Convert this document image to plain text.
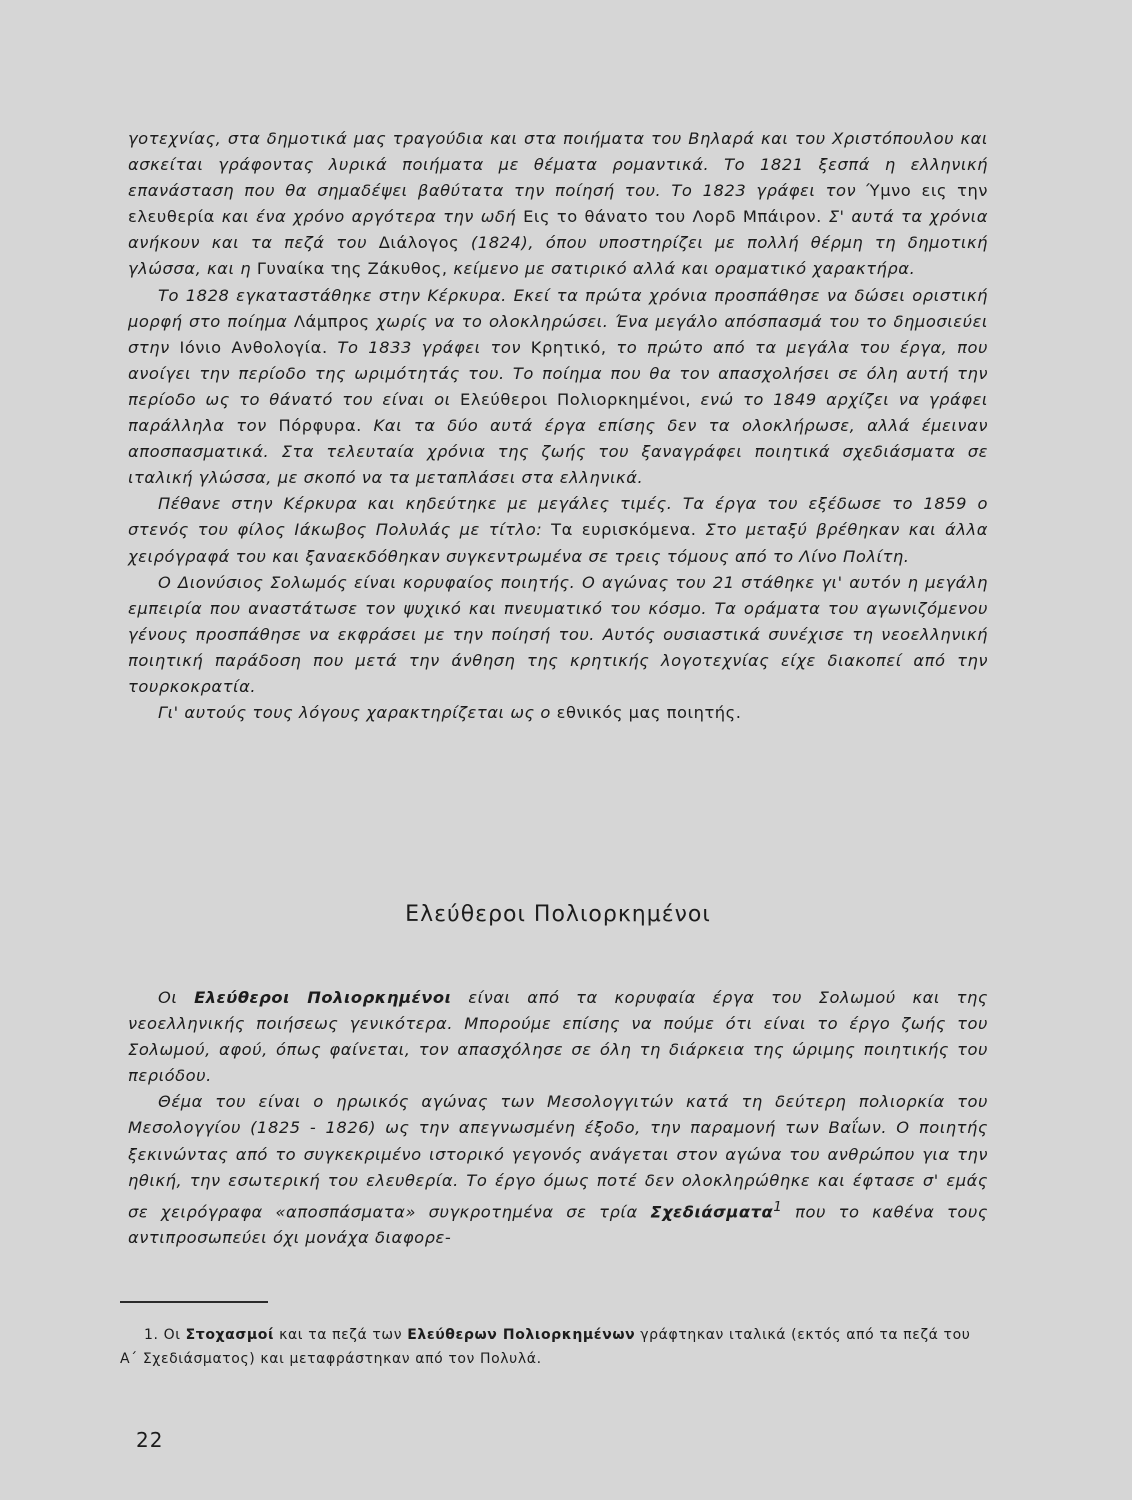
γοτεχνίας, στα δημοτικά μας τραγούδια και στα ποιήματα του Βηλαρά και του Χριστόπουλου και ασκείται γράφοντας λυρικά ποιήματα με θέματα ρομαντικά. Το 1821 ξεσπά η ελληνική επανάσταση που θα σημαδέψει βαθύτατα την ποίησή του. Το 1823 γράφει τον Ύμνο εις την ελευθερία και ένα χρόνο αργότερα την ωδή Εις το θάνατο του Λορδ Μπάιρον. Σ' αυτά τα χρόνια ανήκουν και τα πεζά του Διάλογος (1824), όπου υποστηρίζει με πολλή θέρμη τη δημοτική γλώσσα, και η Γυναίκα της Ζάκυθος, κείμενο με σατιρικό αλλά και οραματικό χαρακτήρα.

Το 1828 εγκαταστάθηκε στην Κέρκυρα. Εκεί τα πρώτα χρόνια προσπάθησε να δώσει οριστική μορφή στο ποίημα Λάμπρος χωρίς να το ολοκληρώσει. Ένα μεγάλο απόσπασμά του το δημοσιεύει στην Ιόνιο Ανθολογία. Το 1833 γράφει τον Κρητικό, το πρώτο από τα μεγάλα του έργα, που ανοίγει την περίοδο της ωριμότητάς του. Το ποίημα που θα τον απασχολήσει σε όλη αυτή την περίοδο ως το θάνατό του είναι οι Ελεύθεροι Πολιορκημένοι, ενώ το 1849 αρχίζει να γράφει παράλληλα τον Πόρφυρα. Και τα δύο αυτά έργα επίσης δεν τα ολοκλήρωσε, αλλά έμειναν αποσπασματικά. Στα τελευταία χρόνια της ζωής του ξαναγράφει ποιητικά σχεδιάσματα σε ιταλική γλώσσα, με σκοπό να τα μεταπλάσει στα ελληνικά.

Πέθανε στην Κέρκυρα και κηδεύτηκε με μεγάλες τιμές. Τα έργα του εξέδωσε το 1859 ο στενός του φίλος Ιάκωβος Πολυλάς με τίτλο: Τα ευρισκόμενα. Στο μεταξύ βρέθηκαν και άλλα χειρόγραφά του και ξαναεκδόθηκαν συγκεντρωμένα σε τρεις τόμους από το Λίνο Πολίτη.

Ο Διονύσιος Σολωμός είναι κορυφαίος ποιητής. Ο αγώνας του 21 στάθηκε γι' αυτόν η μεγάλη εμπειρία που αναστάτωσε τον ψυχικό και πνευματικό του κόσμο. Τα οράματα του αγωνιζόμενου γένους προσπάθησε να εκφράσει με την ποίησή του. Αυτός ουσιαστικά συνέχισε τη νεοελληνική ποιητική παράδοση που μετά την άνθηση της κρητικής λογοτεχνίας είχε διακοπεί από την τουρκοκρατία.

Γι' αυτούς τους λόγους χαρακτηρίζεται ως ο εθνικός μας ποιητής.

Ελεύθεροι Πολιορκημένοι

Οι Ελεύθεροι Πολιορκημένοι είναι από τα κορυφαία έργα του Σολωμού και της νεοελληνικής ποιήσεως γενικότερα. Μπορούμε επίσης να πούμε ότι είναι το έργο ζωής του Σολωμού, αφού, όπως φαίνεται, τον απασχόλησε σε όλη τη διάρκεια της ώριμης ποιητικής του περιόδου.

Θέμα του είναι ο ηρωικός αγώνας των Μεσολογγιτών κατά τη δεύτερη πολιορκία του Μεσολογγίου (1825 - 1826) ως την απεγνωσμένη έξοδο, την παραμονή των Βαΐων. Ο ποιητής ξεκινώντας από το συγκεκριμένο ιστορικό γεγονός ανάγεται στον αγώνα του ανθρώπου για την ηθική, την εσωτερική του ελευθερία. Το έργο όμως ποτέ δεν ολοκληρώθηκε και έφτασε σ' εμάς σε χειρόγραφα «αποσπάσματα» συγκροτημένα σε τρία Σχεδιάσματα$^1$ που το καθένα τους αντιπροσωπεύει όχι μονάχα διαφορε-

1. Οι Στοχασμοί και τα πεζά των Ελεύθερων Πολιορκημένων γράφτηκαν ιταλικά (εκτός από τα πεζά του Α΄ Σχεδιάσματος) και μεταφράστηκαν από τον Πολυλά.

22
